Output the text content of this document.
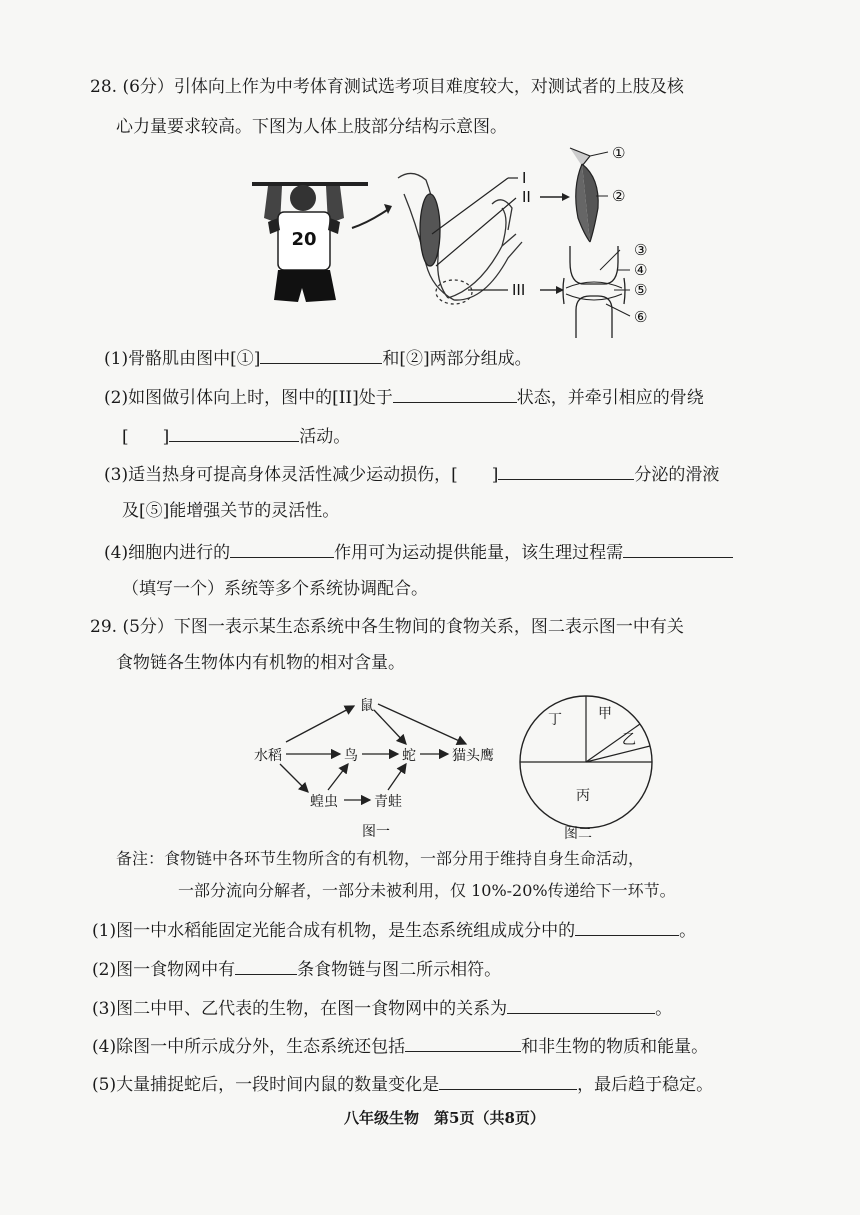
28. (6分）引体向上作为中考体育测试选考项目难度较大，对测试者的上肢及核
心力量要求较高。下图为人体上肢部分结构示意图。
20
I
II
①
②
III
③
④
⑤
⑥
(1)骨骼肌由图中[①]	和[②]两部分组成。
(2)如图做引体向上时，图中的[II]处于	状态，并牵引相应的骨绕
[　　]	活动。
(3)适当热身可提高身体灵活性减少运动损伤，[　　]	分泌的滑液
及[⑤]能增强关节的灵活性。
(4)细胞内进行的	作用可为运动提供能量，该生理过程需
（填写一个）系统等多个系统协调配合。
29. (5分）下图一表示某生态系统中各生物间的食物关系，图二表示图一中有关
食物链各生物体内有机物的相对含量。
水稻
鼠
鸟	蛇	猫头鹰
蝗虫	青蛙
图一
丁	甲
乙
丙
图二
备注：食物链中各环节生物所含的有机物，一部分用于维持自身生命活动，
一部分流向分解者，一部分未被利用，仅 10%-20%传递给下一环节。
(1)图一中水稻能固定光能合成有机物，是生态系统组成成分中的	。
(2)图一食物网中有	条食物链与图二所示相符。
(3)图二中甲、乙代表的生物，在图一食物网中的关系为	。
(4)除图一中所示成分外，生态系统还包括	和非生物的物质和能量。
(5)大量捕捉蛇后，一段时间内鼠的数量变化是	，最后趋于稳定。
八年级生物　第5页（共8页）
